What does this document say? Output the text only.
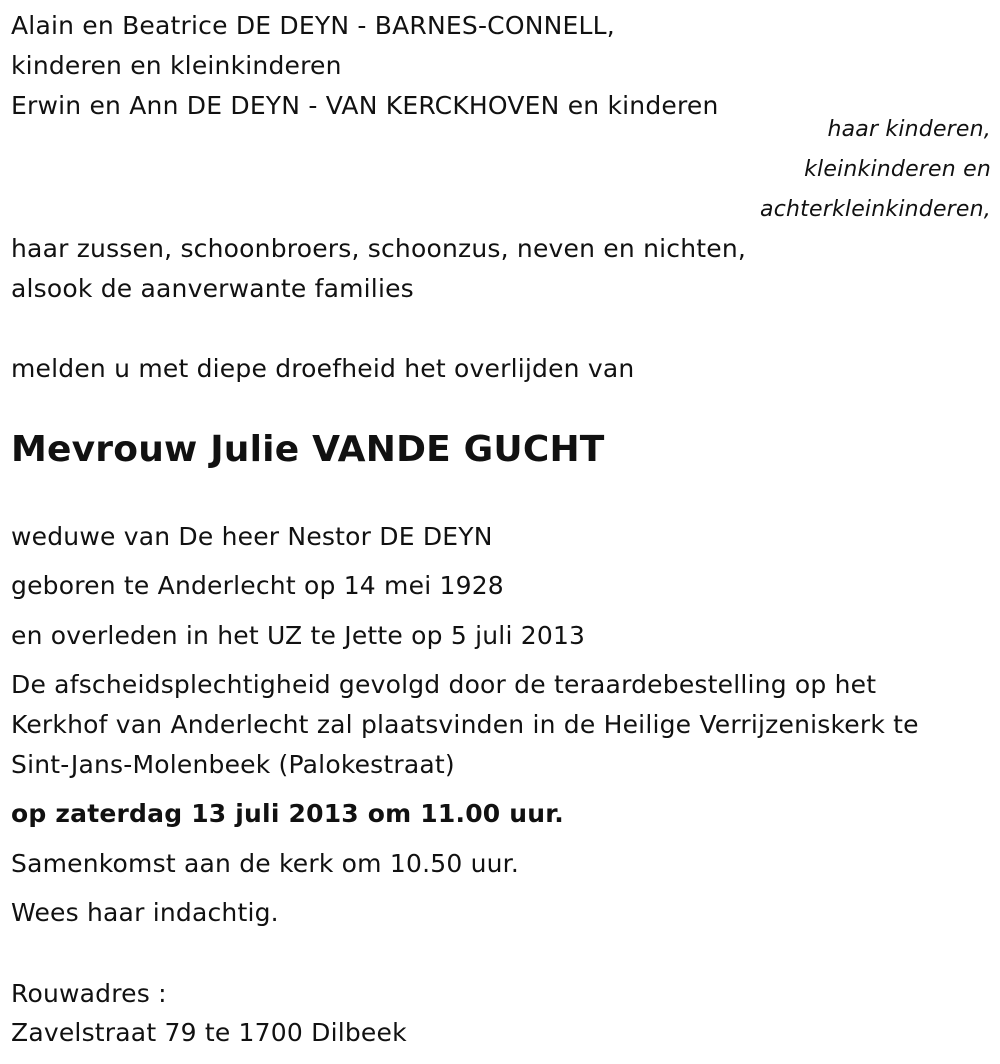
Alain en Beatrice DE DEYN - BARNES-CONNELL,
kinderen en kleinkinderen
Erwin en Ann DE DEYN - VAN KERCKHOVEN en kinderen
haar kinderen,
kleinkinderen en
achterkleinkinderen,
haar zussen, schoonbroers, schoonzus, neven en nichten,
alsook de aanverwante families
melden u met diepe droefheid het overlijden van
Mevrouw Julie VANDE GUCHT
weduwe van De heer Nestor DE DEYN
geboren te Anderlecht op 14 mei 1928
en overleden in het UZ te Jette op 5 juli 2013
De afscheidsplechtigheid gevolgd door de teraardebestelling op het
Kerkhof van Anderlecht zal plaatsvinden in de Heilige Verrijzeniskerk te
Sint-Jans-Molenbeek (Palokestraat)
op zaterdag 13 juli 2013 om 11.00 uur.
Samenkomst aan de kerk om 10.50 uur.
Wees haar indachtig.
Rouwadres :
Zavelstraat 79 te 1700 Dilbeek
